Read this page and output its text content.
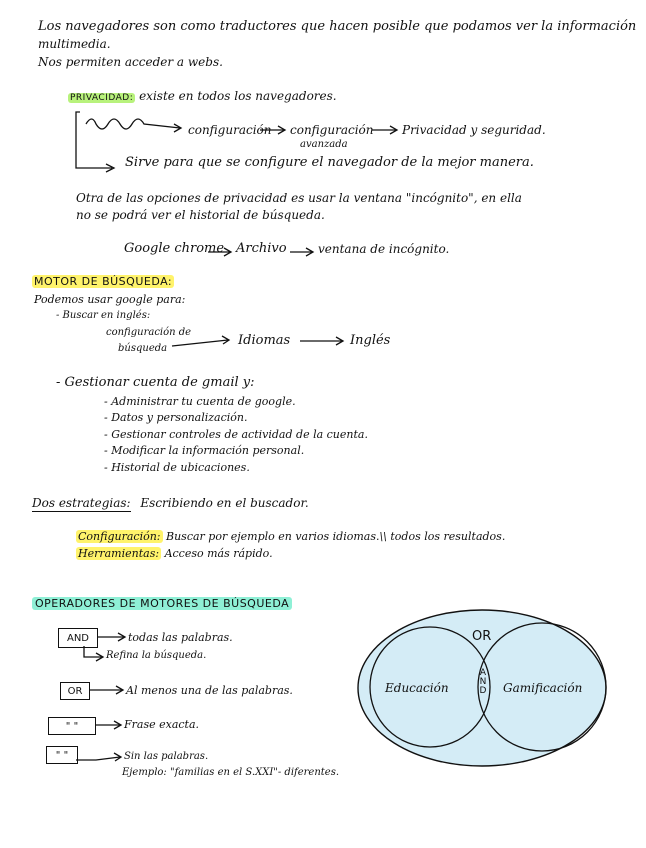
Los navegadores son como traductores que hacen posible que podamos ver la información
multimedia.
Nos permiten acceder a webs.
PRIVACIDAD: existe en todos los navegadores.
configuración configuración
avanzada
Privacidad y seguridad.
Sirve para que se configure el navegador de la mejor manera.
Otra de las opciones de privacidad es usar la ventana "incógnito", en ella
no se podrá ver el historial de búsqueda.
Google chrome Archivo	ventana de incógnito.
MOTOR DE BÚSQUEDA:
Podemos usar google para:
- Buscar en inglés:
configuración de
búsqueda
Idiomas	Inglés
- Gestionar cuenta de gmail y:
- Administrar tu cuenta de google.
- Datos y personalización.
- Gestionar controles de actividad de la cuenta.
- Modificar la información personal.
- Historial de ubicaciones.
Dos estrategias: Escribiendo en el buscador.
Configuración: Buscar por ejemplo en varios idiomas.\\ todos los resultados.
Herramientas: Acceso más rápido.
OPERADORES DE MOTORES DE BÚSQUEDA
AND	todas las palabras.
Refina la búsqueda.
OR	Al menos una de las palabras.
" "	Frase exacta.
" "	Sin las palabras.
Ejemplo: "familias en el S.XXI"- diferentes.
OR
Educación	Gamificación
AND
